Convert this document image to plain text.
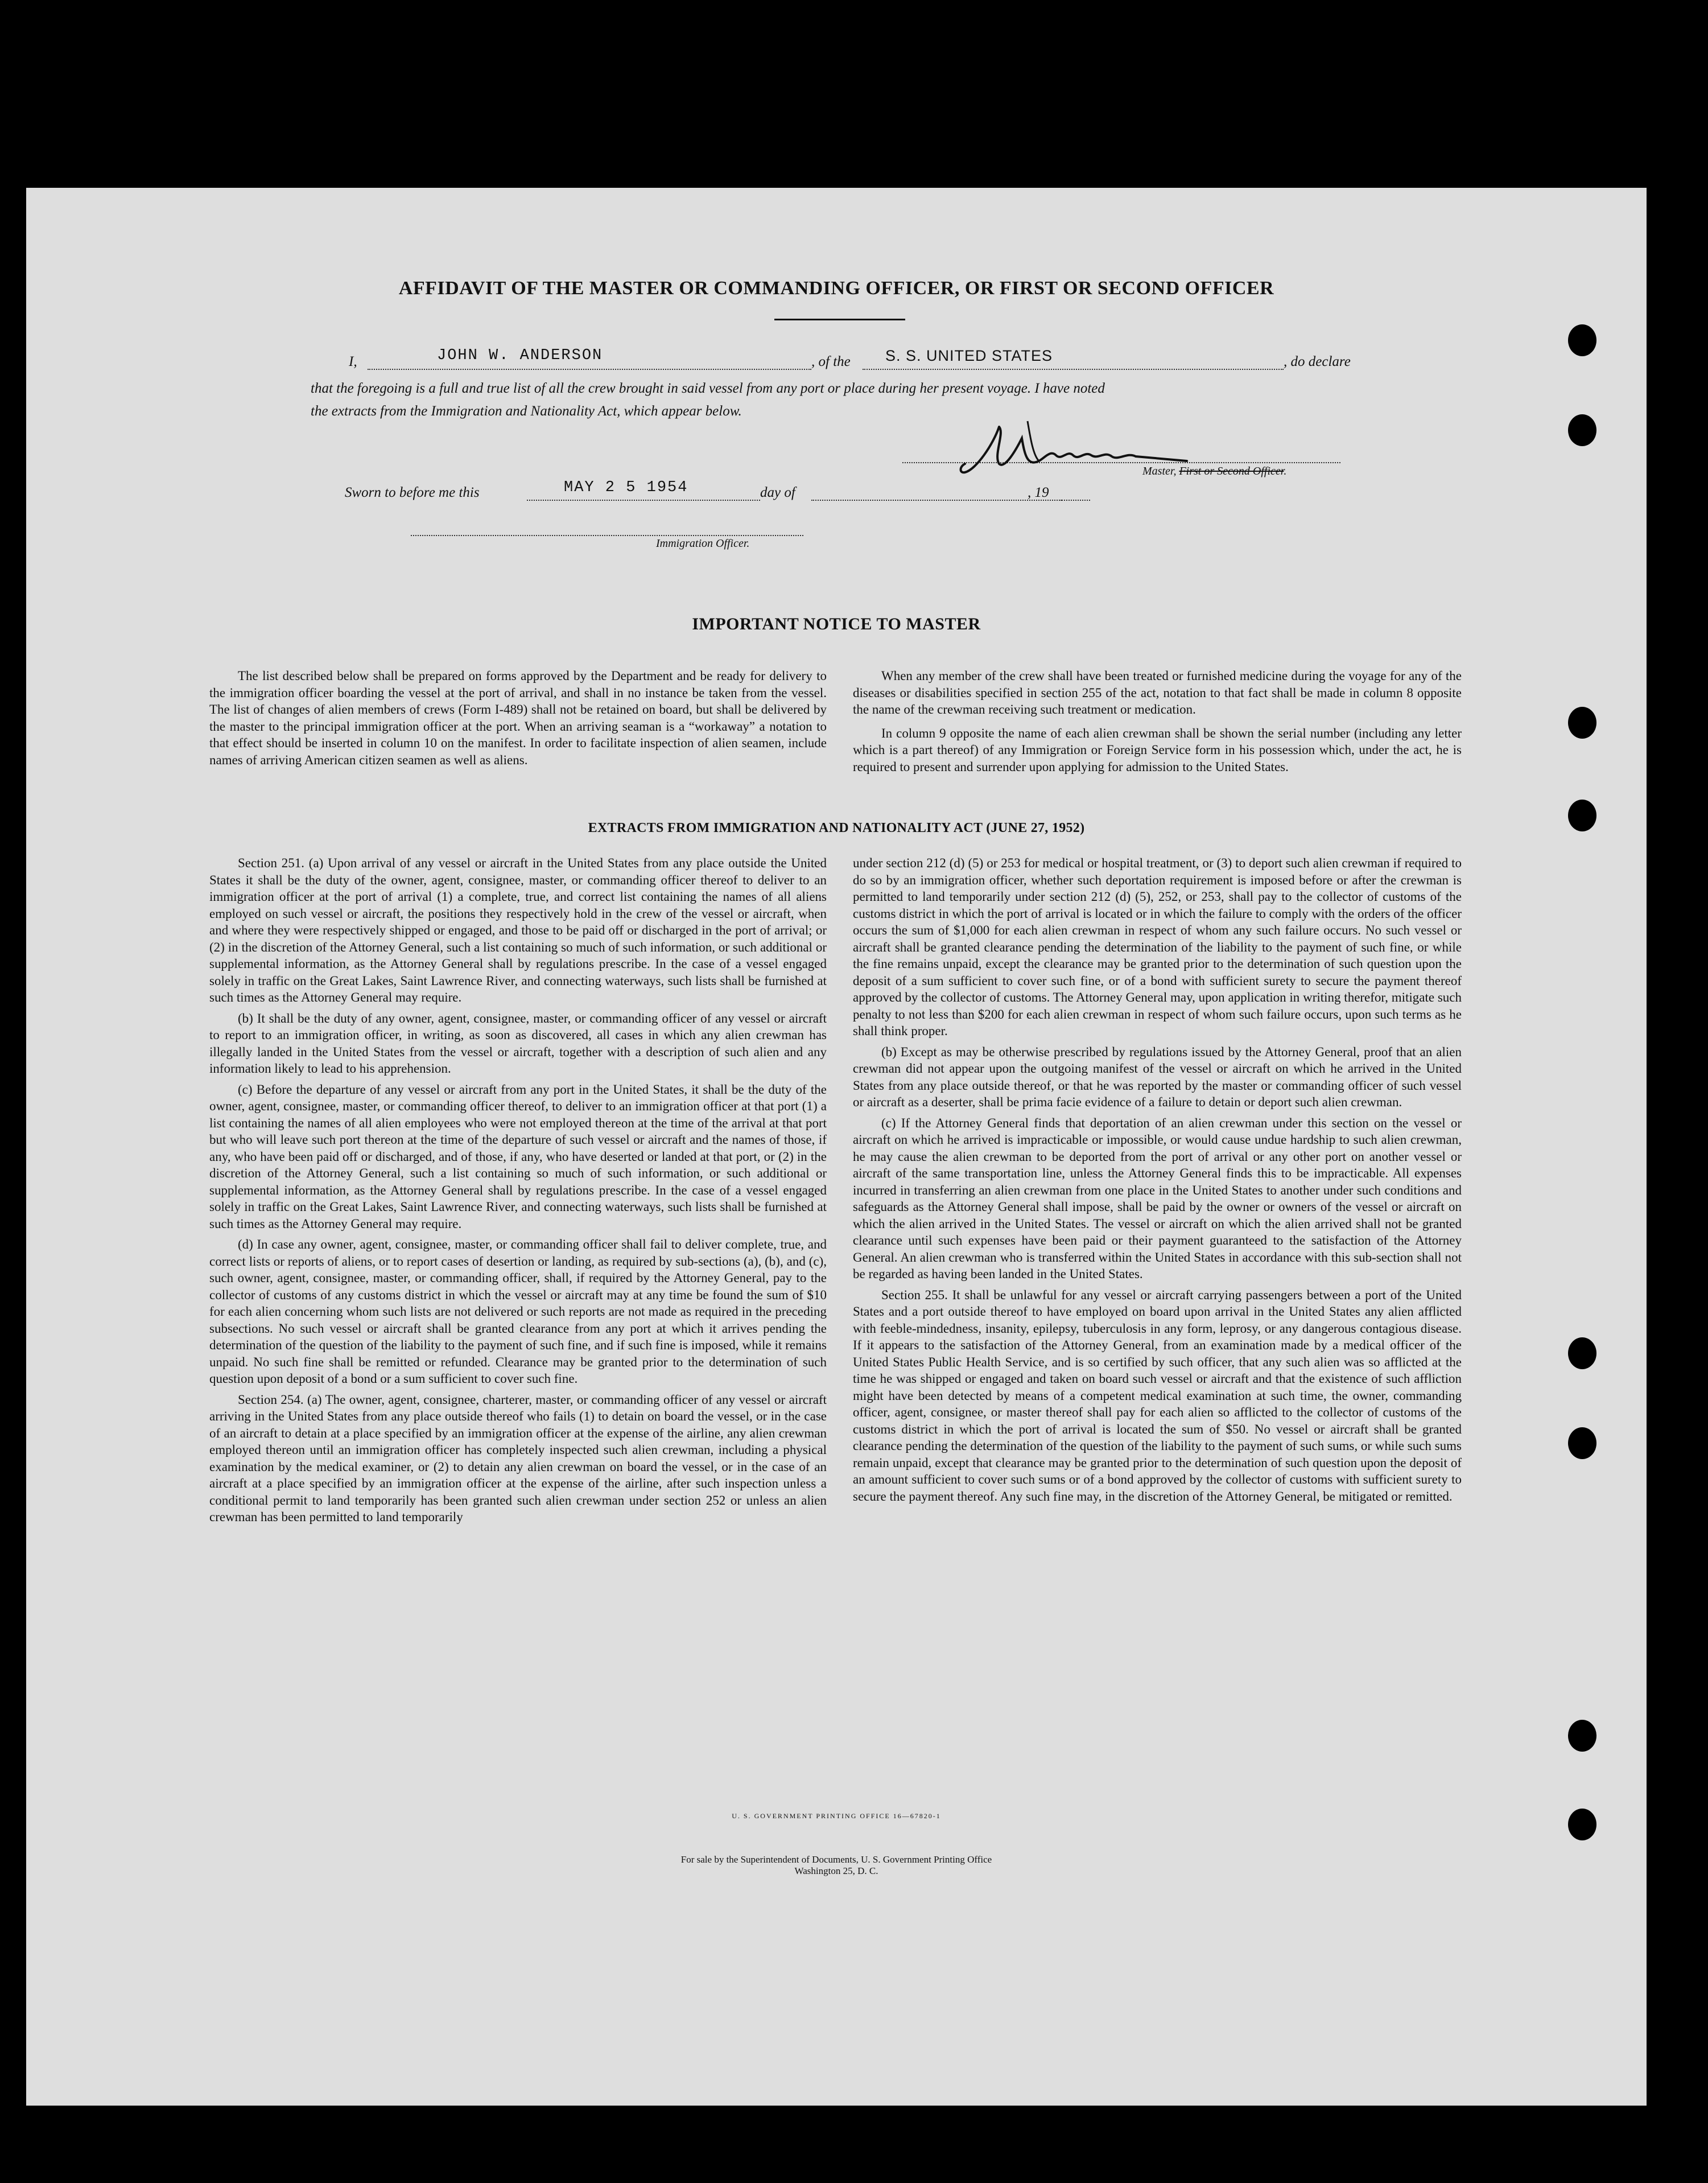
AFFIDAVIT OF THE MASTER OR COMMANDING OFFICER, OR FIRST OR SECOND OFFICER
I,	JOHN W. ANDERSON	, of the S. S. UNITED STATES	, do declare
that the foregoing is a full and true list of all the crew brought in said vessel from any port or place during her present voyage. I have noted
the extracts from the Immigration and Nationality Act, which appear below.
Master, First or Second Officer.
Sworn to before me this	MAY 2 5 1954	day of	, 19
Immigration Officer.
IMPORTANT NOTICE TO MASTER

The list described below shall be prepared on forms approved by the Department and be ready for delivery to the immigration officer boarding the vessel at the port of arrival, and shall in no instance be taken from the vessel. The list of changes of alien members of crews (Form I-489) shall not be retained on board, but shall be delivered by the master to the principal immigration officer at the port. When an arriving seaman is a “workaway” a notation to that effect should be inserted in column 10 on the manifest. In order to facilitate inspection of alien seamen, include names of arriving American citizen seamen as well as aliens.

When any member of the crew shall have been treated or furnished medicine during the voyage for any of the diseases or disabilities specified in section 255 of the act, notation to that fact shall be made in column 8 opposite the name of the crewman receiving such treatment or medication.

In column 9 opposite the name of each alien crewman shall be shown the serial number (including any letter which is a part thereof) of any Immigration or Foreign Service form in his possession which, under the act, he is required to present and surrender upon applying for admission to the United States.

EXTRACTS FROM IMMIGRATION AND NATIONALITY ACT (JUNE 27, 1952)

Section 251. (a) Upon arrival of any vessel or aircraft in the United States from any place outside the United States it shall be the duty of the owner, agent, consignee, master, or commanding officer thereof to deliver to an immigration officer at the port of arrival (1) a complete, true, and correct list containing the names of all aliens employed on such vessel or aircraft, the positions they respectively hold in the crew of the vessel or aircraft, when and where they were respectively shipped or engaged, and those to be paid off or discharged in the port of arrival; or (2) in the discretion of the Attorney General, such a list containing so much of such information, or such additional or supplemental information, as the Attorney General shall by regulations prescribe. In the case of a vessel engaged solely in traffic on the Great Lakes, Saint Lawrence River, and connecting waterways, such lists shall be furnished at such times as the Attorney General may require.

(b) It shall be the duty of any owner, agent, consignee, master, or commanding officer of any vessel or aircraft to report to an immigration officer, in writing, as soon as discovered, all cases in which any alien crewman has illegally landed in the United States from the vessel or aircraft, together with a description of such alien and any information likely to lead to his apprehension.

(c) Before the departure of any vessel or aircraft from any port in the United States, it shall be the duty of the owner, agent, consignee, master, or commanding officer thereof, to deliver to an immigration officer at that port (1) a list containing the names of all alien employees who were not employed thereon at the time of the arrival at that port but who will leave such port thereon at the time of the departure of such vessel or aircraft and the names of those, if any, who have been paid off or discharged, and of those, if any, who have deserted or landed at that port, or (2) in the discretion of the Attorney General, such a list containing so much of such information, or such additional or supplemental information, as the Attorney General shall by regulations prescribe. In the case of a vessel engaged solely in traffic on the Great Lakes, Saint Lawrence River, and connecting waterways, such lists shall be furnished at such times as the Attorney General may require.

(d) In case any owner, agent, consignee, master, or commanding officer shall fail to deliver complete, true, and correct lists or reports of aliens, or to report cases of desertion or landing, as required by sub-sections (a), (b), and (c), such owner, agent, consignee, master, or commanding officer, shall, if required by the Attorney General, pay to the collector of customs of any customs district in which the vessel or aircraft may at any time be found the sum of $10 for each alien concerning whom such lists are not delivered or such reports are not made as required in the preceding subsections. No such vessel or aircraft shall be granted clearance from any port at which it arrives pending the determination of the question of the liability to the payment of such fine, and if such fine is imposed, while it remains unpaid. No such fine shall be remitted or refunded. Clearance may be granted prior to the determination of such question upon deposit of a bond or a sum sufficient to cover such fine.

Section 254. (a) The owner, agent, consignee, charterer, master, or commanding officer of any vessel or aircraft arriving in the United States from any place outside thereof who fails (1) to detain on board the vessel, or in the case of an aircraft to detain at a place specified by an immigration officer at the expense of the airline, any alien crewman employed thereon until an immigration officer has completely inspected such alien crewman, including a physical examination by the medical examiner, or (2) to detain any alien crewman on board the vessel, or in the case of an aircraft at a place specified by an immigration officer at the expense of the airline, after such inspection unless a conditional permit to land temporarily has been granted such alien crewman under section 252 or unless an alien crewman has been permitted to land temporarily

under section 212 (d) (5) or 253 for medical or hospital treatment, or (3) to deport such alien crewman if required to do so by an immigration officer, whether such deportation requirement is imposed before or after the crewman is permitted to land temporarily under section 212 (d) (5), 252, or 253, shall pay to the collector of customs of the customs district in which the port of arrival is located or in which the failure to comply with the orders of the officer occurs the sum of $1,000 for each alien crewman in respect of whom any such failure occurs. No such vessel or aircraft shall be granted clearance pending the determination of the liability to the payment of such fine, or while the fine remains unpaid, except the clearance may be granted prior to the determination of such question upon the deposit of a sum sufficient to cover such fine, or of a bond with sufficient surety to secure the payment thereof approved by the collector of customs. The Attorney General may, upon application in writing therefor, mitigate such penalty to not less than $200 for each alien crewman in respect of whom such failure occurs, upon such terms as he shall think proper.

(b) Except as may be otherwise prescribed by regulations issued by the Attorney General, proof that an alien crewman did not appear upon the outgoing manifest of the vessel or aircraft on which he arrived in the United States from any place outside thereof, or that he was reported by the master or commanding officer of such vessel or aircraft as a deserter, shall be prima facie evidence of a failure to detain or deport such alien crewman.

(c) If the Attorney General finds that deportation of an alien crewman under this section on the vessel or aircraft on which he arrived is impracticable or impossible, or would cause undue hardship to such alien crewman, he may cause the alien crewman to be deported from the port of arrival or any other port on another vessel or aircraft of the same transportation line, unless the Attorney General finds this to be impracticable. All expenses incurred in transferring an alien crewman from one place in the United States to another under such conditions and safeguards as the Attorney General shall impose, shall be paid by the owner or owners of the vessel or aircraft on which the alien arrived in the United States. The vessel or aircraft on which the alien arrived shall not be granted clearance until such expenses have been paid or their payment guaranteed to the satisfaction of the Attorney General. An alien crewman who is transferred within the United States in accordance with this sub-section shall not be regarded as having been landed in the United States.

Section 255. It shall be unlawful for any vessel or aircraft carrying passengers between a port of the United States and a port outside thereof to have employed on board upon arrival in the United States any alien afflicted with feeble-mindedness, insanity, epilepsy, tuberculosis in any form, leprosy, or any dangerous contagious disease. If it appears to the satisfaction of the Attorney General, from an examination made by a medical officer of the United States Public Health Service, and is so certified by such officer, that any such alien was so afflicted at the time he was shipped or engaged and taken on board such vessel or aircraft and that the existence of such affliction might have been detected by means of a competent medical examination at such time, the owner, commanding officer, agent, consignee, or master thereof shall pay for each alien so afflicted to the collector of customs of the customs district in which the port of arrival is located the sum of $50. No vessel or aircraft shall be granted clearance pending the determination of the question of the liability to the payment of such sums, or while such sums remain unpaid, except that clearance may be granted prior to the determination of such question upon the deposit of an amount sufficient to cover such sums or of a bond approved by the collector of customs with sufficient surety to secure the payment thereof. Any such fine may, in the discretion of the Attorney General, be mitigated or remitted.

U. S. GOVERNMENT PRINTING OFFICE 16—67820-1
For sale by the Superintendent of Documents, U. S. Government Printing Office
Washington 25, D. C.
